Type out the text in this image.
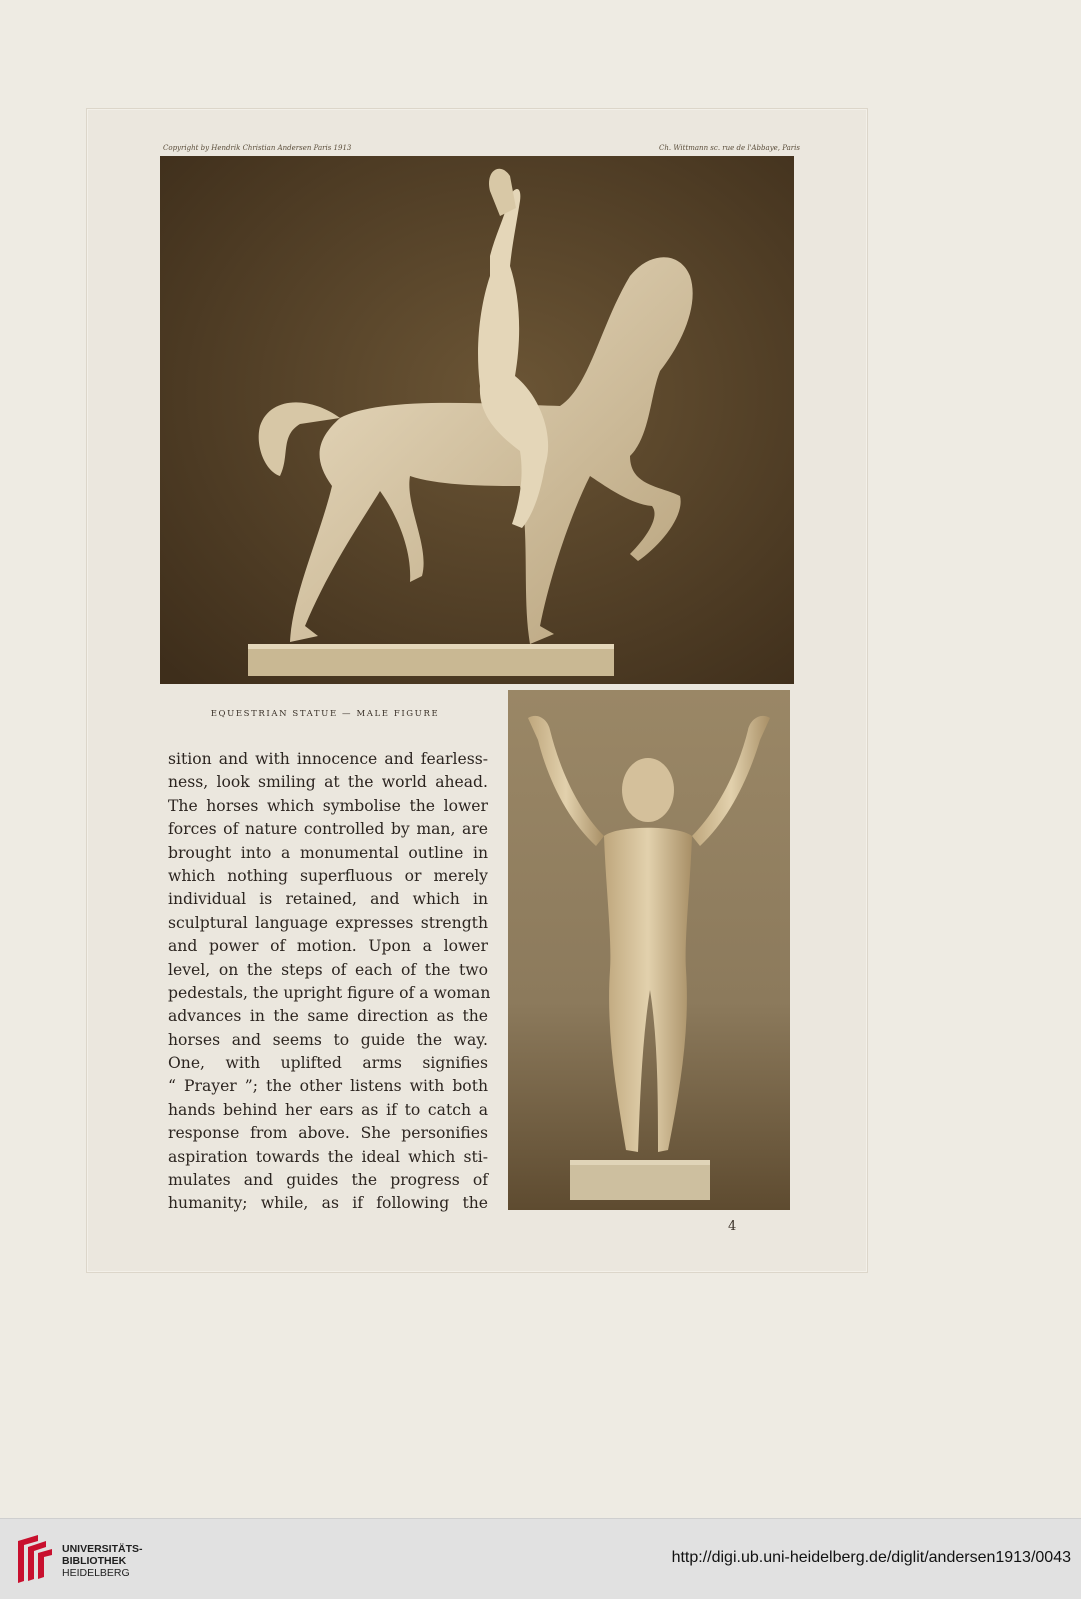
Copyright by Hendrik Christian Andersen Paris 1913	Ch. Wittmann sc. rue de l'Abbaye, Paris
EQUESTRIAN STATUE — MALE FIGURE
sition and with innocence and fearless-
ness, look smiling at the world ahead.
The horses which symbolise the lower
forces of nature controlled by man, are
brought into a monumental outline in
which nothing superfluous or merely
individual is retained, and which in
sculptural language expresses strength
and power of motion. Upon a lower
level, on the steps of each of the two
pedestals, the upright figure of a woman
advances in the same direction as the
horses and seems to guide the way.
One, with uplifted arms signifies
“ Prayer ”; the other listens with both
hands behind her ears as if to catch a
response from above. She personifies
aspiration towards the ideal which sti-
mulates and guides the progress of
humanity; while, as if following the
4
UNIVERSITÄTS-
BIBLIOTHEK
HEIDELBERG
http://digi.ub.uni-heidelberg.de/diglit/andersen1913/0043
